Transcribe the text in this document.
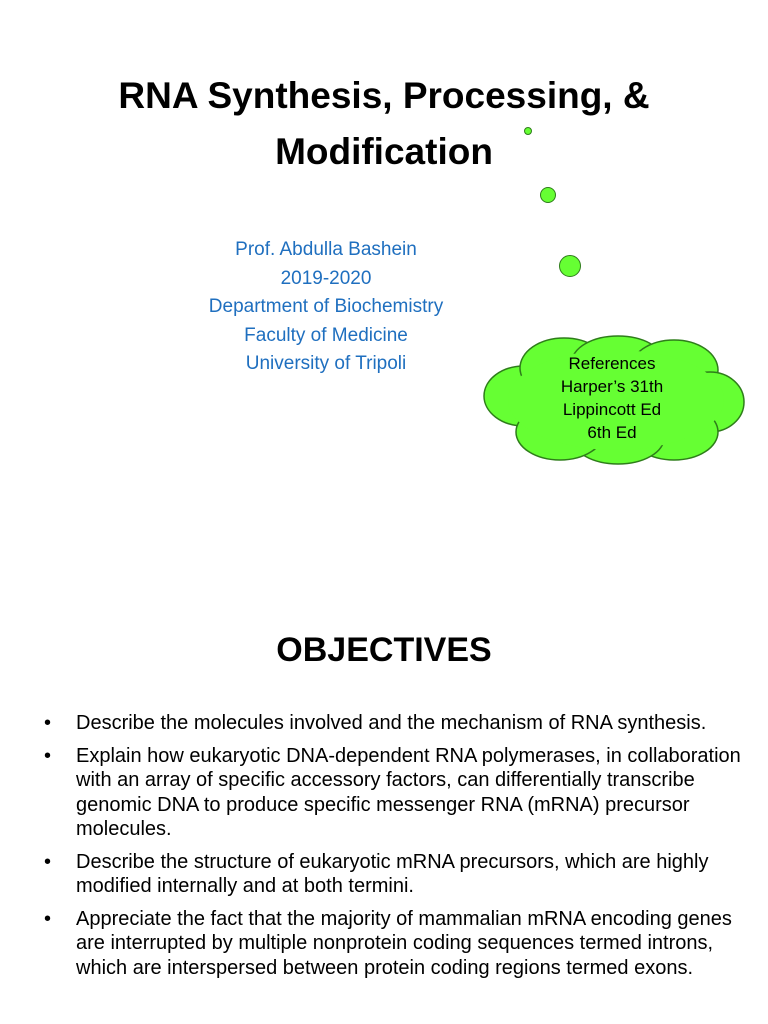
RNA Synthesis, Processing, &
Modification
Prof. Abdulla Bashein
2019-2020
Department of Biochemistry
Faculty of Medicine
University of Tripoli	References
Harper’s 31th
Lippincott Ed
6th Ed
OBJECTIVES
• Describe the molecules involved and the mechanism of RNA synthesis.
• Explain how eukaryotic DNA-dependent RNA polymerases, in collaboration with an array of specific accessory factors, can differentially transcribe genomic DNA to produce specific messenger RNA (mRNA) precursor molecules.
• Describe the structure of eukaryotic mRNA precursors, which are highly modified internally and at both termini.
• Appreciate the fact that the majority of mammalian mRNA encoding genes are interrupted by multiple nonprotein coding sequences termed introns, which are interspersed between protein coding regions termed exons.
